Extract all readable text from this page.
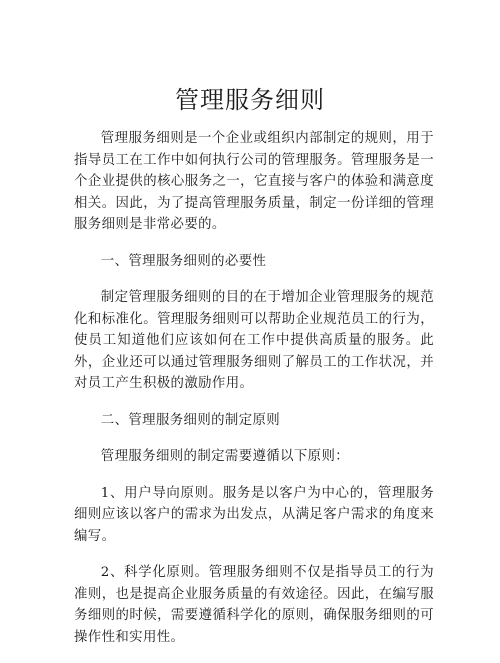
管理服务细则

管理服务细则是一个企业或组织内部制定的规则，用于指导员工在工作中如何执行公司的管理服务。管理服务是一个企业提供的核心服务之一，它直接与客户的体验和满意度相关。因此，为了提高管理服务质量，制定一份详细的管理服务细则是非常必要的。

一、管理服务细则的必要性

制定管理服务细则的目的在于增加企业管理服务的规范化和标准化。管理服务细则可以帮助企业规范员工的行为，使员工知道他们应该如何在工作中提供高质量的服务。此外，企业还可以通过管理服务细则了解员工的工作状况，并对员工产生积极的激励作用。

二、管理服务细则的制定原则

管理服务细则的制定需要遵循以下原则：

1、用户导向原则。服务是以客户为中心的，管理服务细则应该以客户的需求为出发点，从满足客户需求的角度来编写。

2、科学化原则。管理服务细则不仅是指导员工的行为准则，也是提高企业服务质量的有效途径。因此，在编写服务细则的时候，需要遵循科学化的原则，确保服务细则的可操作性和实用性。
